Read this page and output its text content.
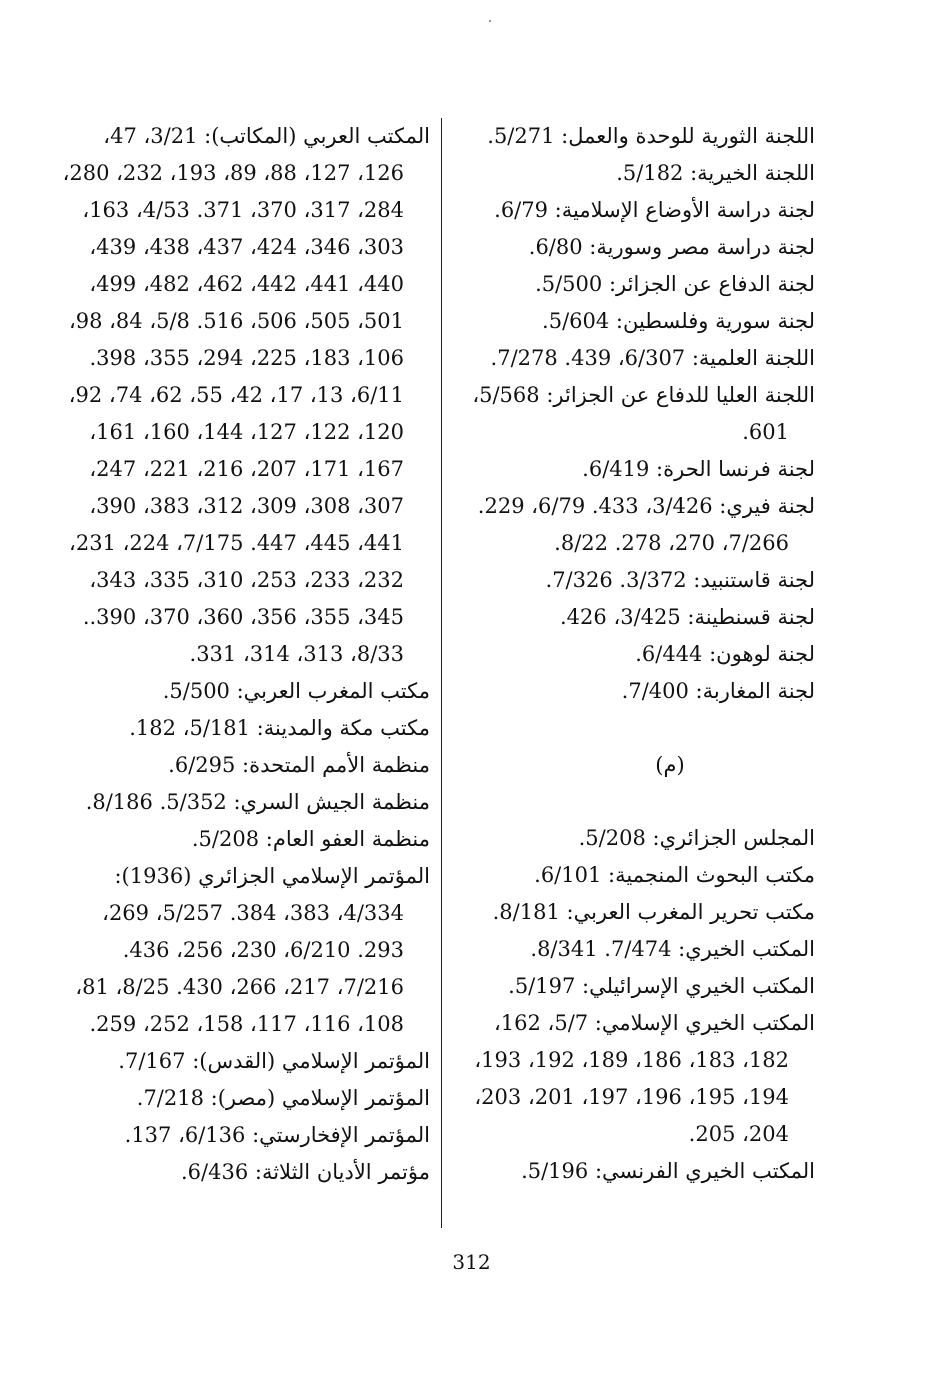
اللجنة الثورية للوحدة والعمل: 5/271.
اللجنة الخيرية: 5/182.
لجنة دراسة الأوضاع الإسلامية: 6/79.
لجنة دراسة مصر وسورية: 6/80.
لجنة الدفاع عن الجزائر: 5/500.
لجنة سورية وفلسطين: 5/604.
اللجنة العلمية: 6/307، 439. 7/278.
اللجنة العليا للدفاع عن الجزائر: 5/568،
601.
لجنة فرنسا الحرة: 6/419.
لجنة فيري: 3/426، 433. 6/79، 229.
7/266، 270، 278. 8/22.
لجنة قاستنبيد: 3/372. 7/326.
لجنة قسنطينة: 3/425، 426.
لجنة لوهون: 6/444.
لجنة المغاربة: 7/400.
(م)
المجلس الجزائري: 5/208.
مكتب البحوث المنجمية: 6/101.
مكتب تحرير المغرب العربي: 8/181.
المكتب الخيري: 7/474. 8/341.
المكتب الخيري الإسرائيلي: 5/197.
المكتب الخيري الإسلامي: 5/7، 162،
182، 183، 186، 189، 192، 193،
194، 195، 196، 197، 201، 203،
204، 205.
المكتب الخيري الفرنسي: 5/196.
المكتب العربي (المكاتب): 3/21، 47،
126، 127، 88، 89، 193، 232، 280،
284، 317، 370، 371. 4/53، 163،
303، 346، 424، 437، 438، 439،
440، 441، 442، 462، 482، 499،
501، 505، 506، 516. 5/8، 84، 98،
106، 183، 225، 294، 355، 398.
6/11، 13، 17، 42، 55، 62، 74، 92،
120، 122، 127، 144، 160، 161،
167، 171، 207، 216، 221، 247،
307، 308، 309، 312، 383، 390،
441، 445، 447. 7/175، 224، 231،
232، 233، 253، 310، 335، 343،
345، 355، 356، 360، 370، 390..
8/33، 313، 314، 331.
مكتب المغرب العربي: 5/500.
مكتب مكة والمدينة: 5/181، 182.
منظمة الأمم المتحدة: 6/295.
منظمة الجيش السري: 5/352. 8/186.
منظمة العفو العام: 5/208.
المؤتمر الإسلامي الجزائري (1936):
4/334، 383، 384. 5/257، 269،
293. 6/210، 230، 256، 436.
7/216، 217، 266، 430. 8/25، 81،
108، 116، 117، 158، 252، 259.
المؤتمر الإسلامي (القدس): 7/167.
المؤتمر الإسلامي (مصر): 7/218.
المؤتمر الإفخارستي: 6/136، 137.
مؤتمر الأديان الثلاثة: 6/436.
312
